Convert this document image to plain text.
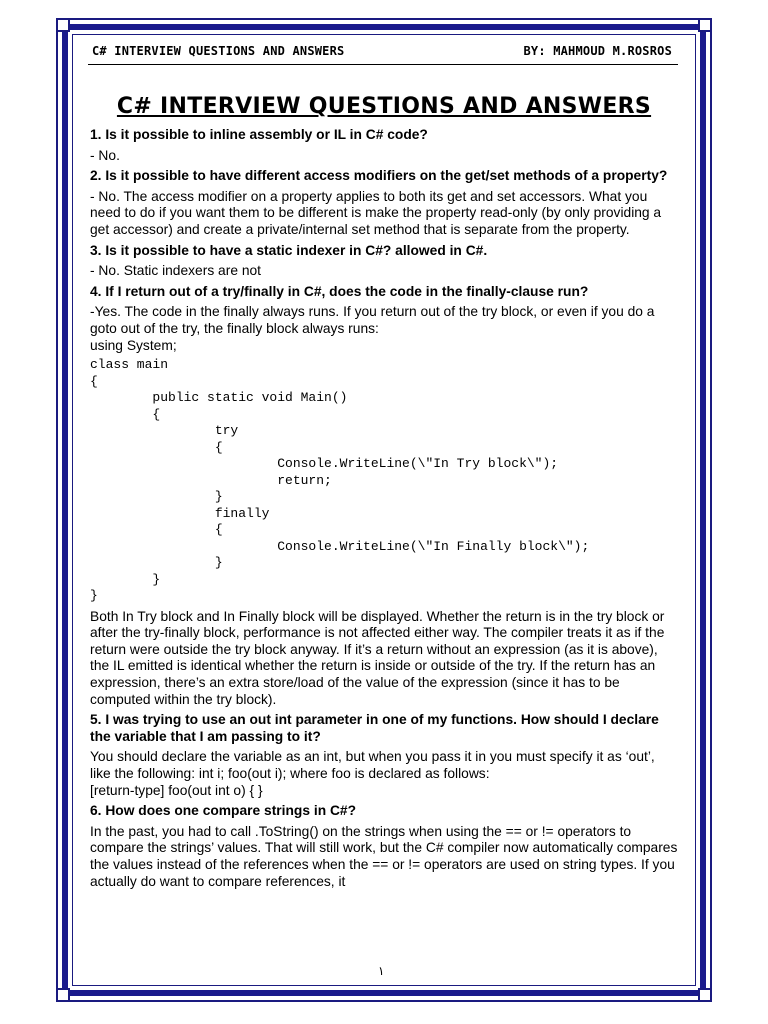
C# INTERVIEW QUESTIONS AND ANSWERS	BY: MAHMOUD M.ROSROS
C# INTERVIEW QUESTIONS AND ANSWERS
1. Is it possible to inline assembly or IL in C# code?
- No.
2. Is it possible to have different access modifiers on the get/set methods of a property?
- No. The access modifier on a property applies to both its get and set accessors. What you need to do if you want them to be different is make the property read-only (by only providing a get accessor) and create a private/internal set method that is separate from the property.
3. Is it possible to have a static indexer in C#? allowed in C#.
- No. Static indexers are not
4. If I return out of a try/finally in C#, does the code in the finally-clause run?
-Yes. The code in the finally always runs. If you return out of the try block, or even if you do a goto out of the try, the finally block always runs:
using System;
class main
{
public static void Main()
{
try
{
Console.WriteLine(\"In Try block\");
return;
}
finally
{
Console.WriteLine(\"In Finally block\");
}
}
}
Both In Try block and In Finally block will be displayed. Whether the return is in the try block or after the try-finally block, performance is not affected either way. The compiler treats it as if the return were outside the try block anyway. If it’s a return without an expression (as it is above), the IL emitted is identical whether the return is inside or outside of the try. If the return has an expression, there’s an extra store/load of the value of the expression (since it has to be computed within the try block).
5. I was trying to use an out int parameter in one of my functions. How should I declare the variable that I am passing to it?
You should declare the variable as an int, but when you pass it in you must specify it as ‘out’, like the following: int i; foo(out i); where foo is declared as follows:
[return-type] foo(out int o) { }
6. How does one compare strings in C#?
In the past, you had to call .ToString() on the strings when using the == or != operators to compare the strings’ values. That will still work, but the C# compiler now automatically compares the values instead of the references when the == or != operators are used on string types. If you actually do want to compare references, it
١
